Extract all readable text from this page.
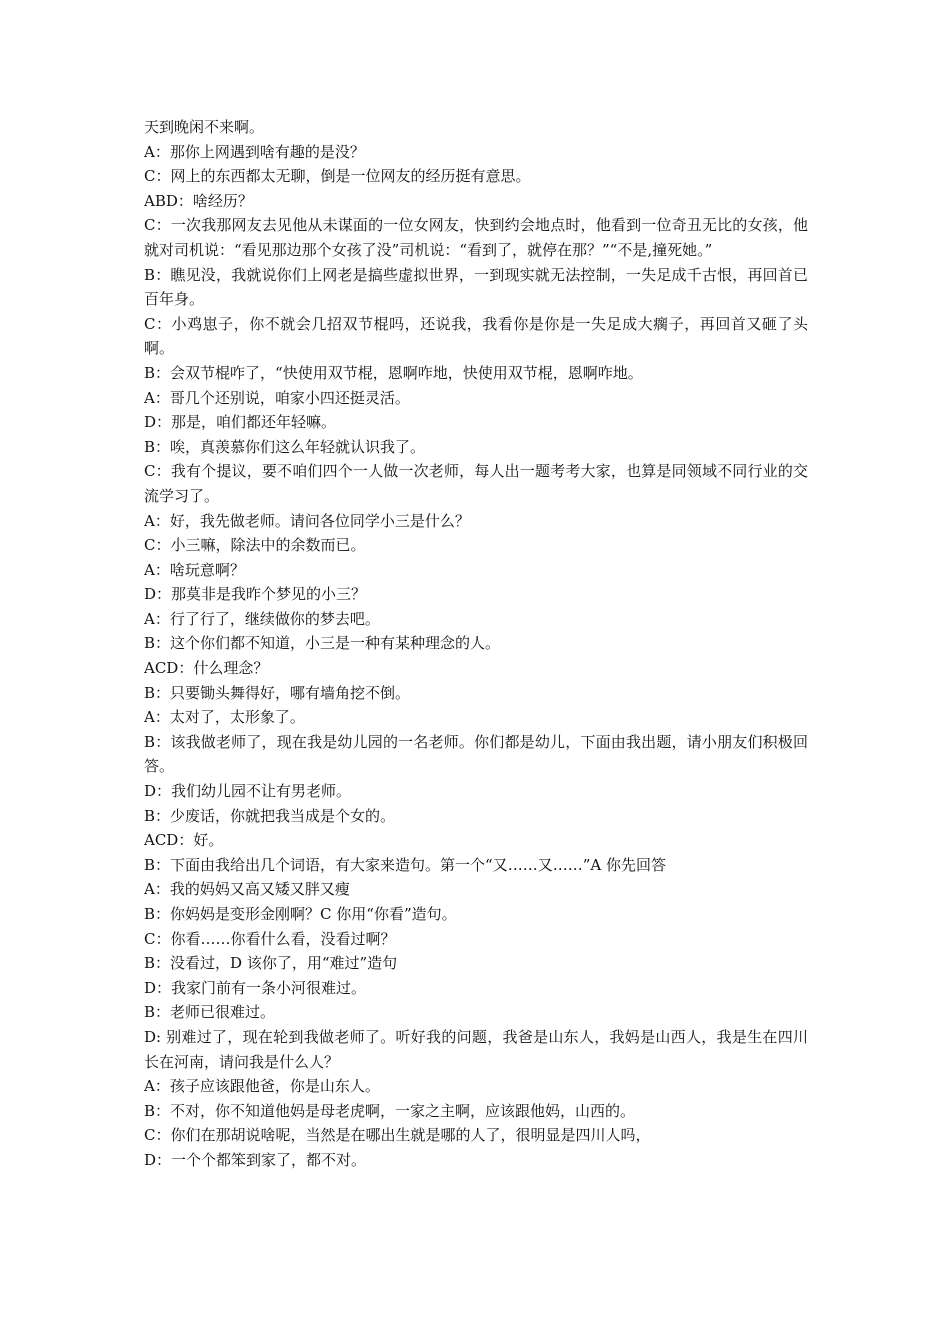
天到晚闲不来啊。

A：那你上网遇到啥有趣的是没？

C：网上的东西都太无聊，倒是一位网友的经历挺有意思。

ABD：啥经历？

C：一次我那网友去见他从未谋面的一位女网友，快到约会地点时，他看到一位奇丑无比的女孩，他就对司机说：“看见那边那个女孩了没”司机说：“看到了，就停在那？”“不是,撞死她。”

B：瞧见没，我就说你们上网老是搞些虚拟世界，一到现实就无法控制，一失足成千古恨，再回首已百年身。

C：小鸡崽子，你不就会几招双节棍吗，还说我，我看你是你是一失足成大瘸子，再回首又砸了头啊。

B：会双节棍咋了，“快使用双节棍，恩啊咋地，快使用双节棍，恩啊咋地。

A：哥几个还别说，咱家小四还挺灵活。

D：那是，咱们都还年轻嘛。

B：唉，真羡慕你们这么年轻就认识我了。

C：我有个提议，要不咱们四个一人做一次老师，每人出一题考考大家，也算是同领域不同行业的交流学习了。

A：好，我先做老师。请问各位同学小三是什么？

C：小三嘛，除法中的余数而已。

A：啥玩意啊？

D：那莫非是我昨个梦见的小三？

A：行了行了，继续做你的梦去吧。

B：这个你们都不知道，小三是一种有某种理念的人。

ACD：什么理念？

B：只要锄头舞得好，哪有墙角挖不倒。

A：太对了，太形象了。

B：该我做老师了，现在我是幼儿园的一名老师。你们都是幼儿，下面由我出题，请小朋友们积极回答。

D：我们幼儿园不让有男老师。

B：少废话，你就把我当成是个女的。

ACD：好。

B：下面由我给出几个词语，有大家来造句。第一个“又……又……”A 你先回答

A：我的妈妈又高又矮又胖又瘦

B：你妈妈是变形金刚啊？C 你用“你看”造句。

C：你看……你看什么看，没看过啊？

B：没看过，D 该你了，用“难过”造句

D：我家门前有一条小河很难过。

B：老师已很难过。

D: 别难过了，现在轮到我做老师了。听好我的问题，我爸是山东人，我妈是山西人，我是生在四川长在河南，请问我是什么人？

A：孩子应该跟他爸，你是山东人。

B：不对，你不知道他妈是母老虎啊，一家之主啊，应该跟他妈，山西的。

C：你们在那胡说啥呢，当然是在哪出生就是哪的人了，很明显是四川人吗，

D：一个个都笨到家了，都不对。
